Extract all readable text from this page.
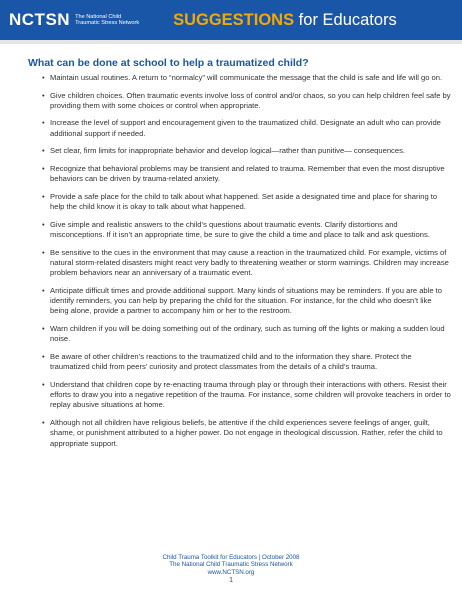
NCTSN The National Child Traumatic Stress Network	SUGGESTIONS for Educators
What can be done at school to help a traumatized child?
• Maintain usual routines. A return to “normalcy” will communicate the message that the child is safe and life will go on.
• Give children choices. Often traumatic events involve loss of control and/or chaos, so you can help children feel safe by providing them with some choices or control when appropriate.
• Increase the level of support and encouragement given to the traumatized child. Designate an adult who can provide additional support if needed.
• Set clear, firm limits for inappropriate behavior and develop logical—rather than punitive— consequences.
• Recognize that behavioral problems may be transient and related to trauma. Remember that even the most disruptive behaviors can be driven by trauma-related anxiety.
• Provide a safe place for the child to talk about what happened. Set aside a designated time and place for sharing to help the child know it is okay to talk about what happened.
• Give simple and realistic answers to the child’s questions about traumatic events. Clarify distortions and misconceptions. If it isn’t an appropriate time, be sure to give the child a time and place to talk and ask questions.
• Be sensitive to the cues in the environment that may cause a reaction in the traumatized child. For example, victims of natural storm-related disasters might react very badly to threatening weather or storm warnings. Children may increase problem behaviors near an anniversary of a traumatic event.
• Anticipate difficult times and provide additional support. Many kinds of situations may be reminders. If you are able to identify reminders, you can help by preparing the child for the situation. For instance, for the child who doesn’t like being alone, provide a partner to accompany him or her to the restroom.
• Warn children if you will be doing something out of the ordinary, such as turning off the lights or making a sudden loud noise.
• Be aware of other children’s reactions to the traumatized child and to the information they share. Protect the traumatized child from peers’ curiosity and protect classmates from the details of a child’s trauma.
• Understand that children cope by re-enacting trauma through play or through their interactions with others. Resist their efforts to draw you into a negative repetition of the trauma. For instance, some children will provoke teachers in order to replay abusive situations at home.
• Although not all children have religious beliefs, be attentive if the child experiences severe feelings of anger, guilt, shame, or punishment attributed to a higher power. Do not engage in theological discussion. Rather, refer the child to appropriate support.
Child Trauma Toolkit for Educators | October 2008
The National Child Traumatic Stress Network
www.NCTSN.org
1
